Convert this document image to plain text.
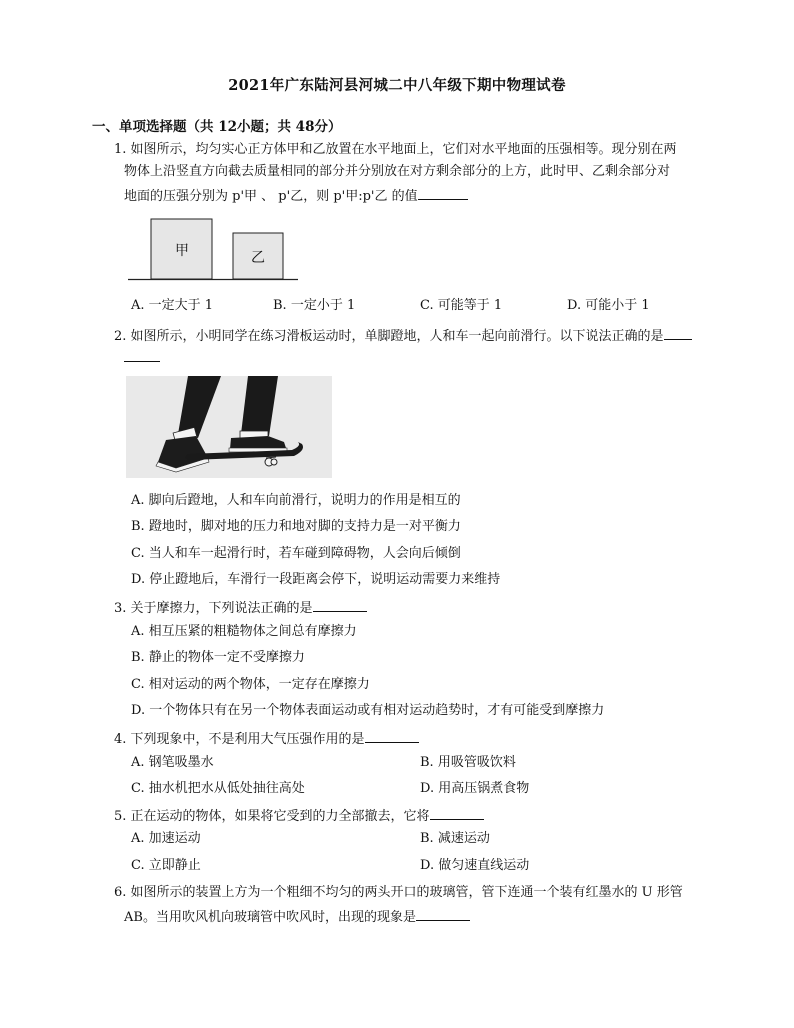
2021年广东陆河县河城二中八年级下期中物理试卷
一、单项选择题（共 12小题；共 48分）
1. 如图所示，均匀实心正方体甲和乙放置在水平地面上，它们对水平地面的压强相等。现分别在两
物体上沿竖直方向截去质量相同的部分并分别放在对方剩余部分的上方，此时甲、乙剩余部分对
地面的压强分别为 p'甲 、 p'乙，则 p'甲:p'乙 的值
甲	乙
A. 一定大于 1	B. 一定小于 1	C. 可能等于 1	D. 可能小于 1
2. 如图所示，小明同学在练习滑板运动时，单脚蹬地，人和车一起向前滑行。以下说法正确的是
A. 脚向后蹬地，人和车向前滑行，说明力的作用是相互的
B. 蹬地时，脚对地的压力和地对脚的支持力是一对平衡力
C. 当人和车一起滑行时，若车碰到障碍物，人会向后倾倒
D. 停止蹬地后，车滑行一段距离会停下，说明运动需要力来维持
3. 关于摩擦力，下列说法正确的是
A. 相互压紧的粗糙物体之间总有摩擦力
B. 静止的物体一定不受摩擦力
C. 相对运动的两个物体，一定存在摩擦力
D. 一个物体只有在另一个物体表面运动或有相对运动趋势时，才有可能受到摩擦力
4. 下列现象中，不是利用大气压强作用的是
A. 钢笔吸墨水	B. 用吸管吸饮料
C. 抽水机把水从低处抽往高处	D. 用高压锅煮食物
5. 正在运动的物体，如果将它受到的力全部撤去，它将
A. 加速运动	B. 减速运动
C. 立即静止	D. 做匀速直线运动
6. 如图所示的装置上方为一个粗细不均匀的两头开口的玻璃管，管下连通一个装有红墨水的 U 形管
AB。当用吹风机向玻璃管中吹风时，出现的现象是
